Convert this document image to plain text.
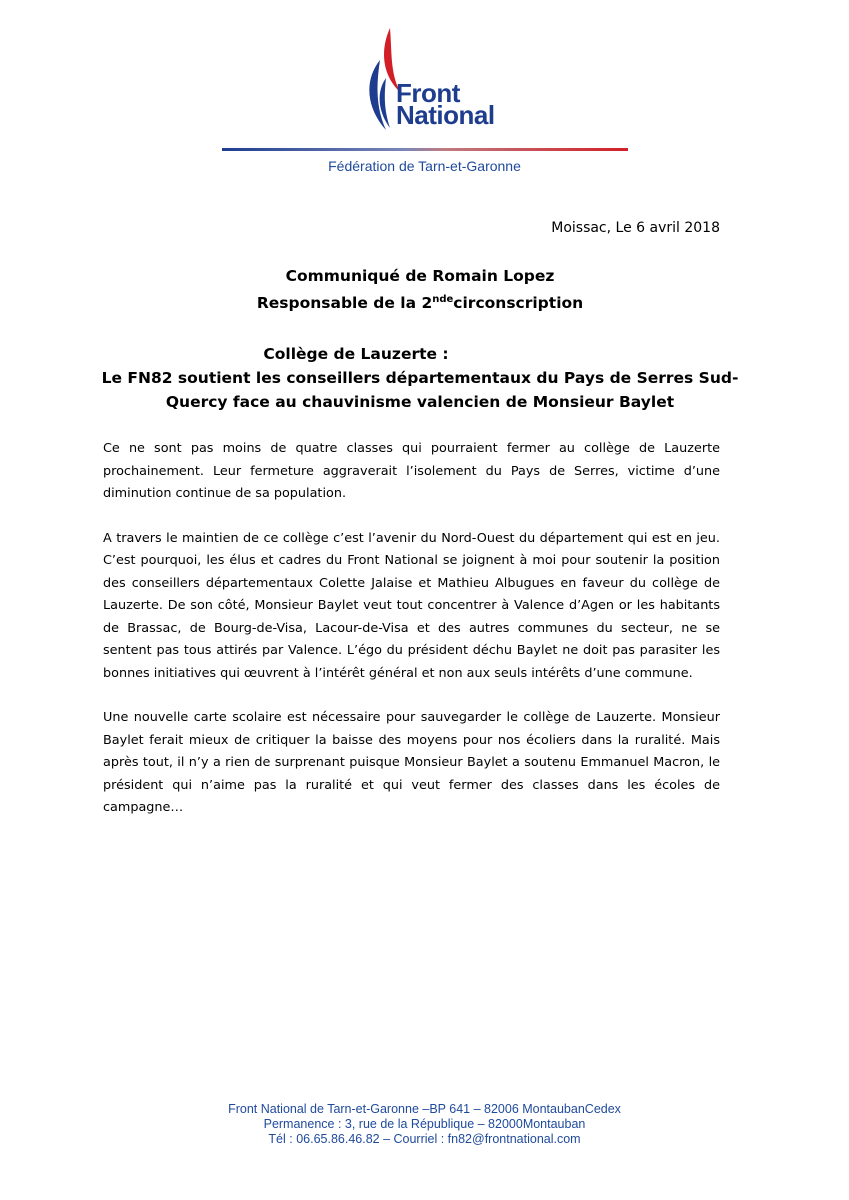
Front
National
Fédération de Tarn-et-Garonne
Moissac, Le 6 avril 2018
Communiqué de Romain Lopez
Responsable de la 2ndecirconscription
Collège de Lauzerte :
Le FN82 soutient les conseillers départementaux du Pays de Serres Sud-Quercy face au chauvinisme valencien de Monsieur Baylet

Ce ne sont pas moins de quatre classes qui pourraient fermer au collège de Lauzerte prochainement. Leur fermeture aggraverait l’isolement du Pays de Serres, victime d’une diminution continue de sa population.

A travers le maintien de ce collège c’est l’avenir du Nord-Ouest du département qui est en jeu. C’est pourquoi, les élus et cadres du Front National se joignent à moi pour soutenir la position des conseillers départementaux Colette Jalaise et Mathieu Albugues en faveur du collège de Lauzerte. De son côté, Monsieur Baylet veut tout concentrer à Valence d’Agen or les habitants de Brassac, de Bourg-de-Visa, Lacour-de-Visa et des autres communes du secteur, ne se sentent pas tous attirés par Valence. L’égo du président déchu Baylet ne doit pas parasiter les bonnes initiatives qui œuvrent à l’intérêt général et non aux seuls intérêts d’une commune.

Une nouvelle carte scolaire est nécessaire pour sauvegarder le collège de Lauzerte. Monsieur Baylet ferait mieux de critiquer la baisse des moyens pour nos écoliers dans la ruralité. Mais après tout, il n’y a rien de surprenant puisque Monsieur Baylet a soutenu Emmanuel Macron, le président qui n’aime pas la ruralité et qui veut fermer des classes dans les écoles de campagne…

Front National de Tarn-et-Garonne –BP 641 – 82006 MontaubanCedex
Permanence : 3, rue de la République – 82000Montauban
Tél : 06.65.86.46.82 – Courriel : fn82@frontnational.com
